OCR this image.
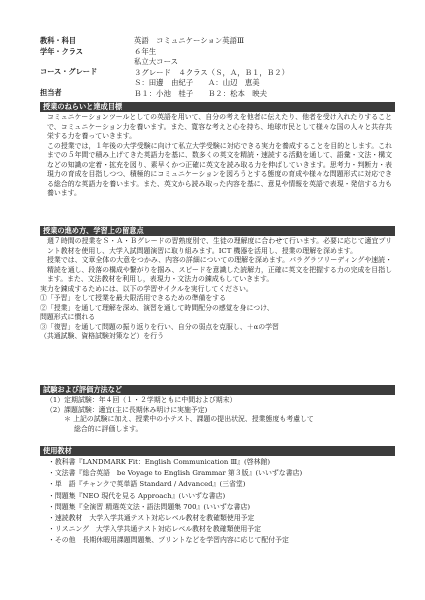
教科・科目	英語　コミュニケーション英語Ⅲ
学年・クラス	６年生
コース・グレード
私立大コース
３グレード　４クラス（Ｓ，Ａ，Ｂ１，Ｂ２）
担当者
Ｓ：田邊　由紀子　　Ａ：山辺　恵美
Ｂ１：小池　桂子　　Ｂ２：松本　映夫
授業のねらいと達成目標
コミュニケーションツールとしての英語を用いて、自分の考えを他者に伝えたり、他者を受け入れたりすることで、コミュニケーション力を養います。また、寛容な考えと心を持ち、地球市民として様々な国の人々と共存共栄する力を養っていきます。
この授業では，１年後の大学受験に向けて私立大学受験に対応できる実力を養成することを目的とします。これまでの５年間で積み上げてきた英語力を基に、数多くの英文を精読・速読する活動を通して、語彙・文法・構文などの知識の定着・拡充を図り、素早くかつ正確に英文を読み取る力を伸ばしていきます。思考力・判断力・表現力の育成を目指しつつ、積極的にコミュニケーションを図ろうとする態度の育成や様々な問題形式に対応できる総合的な英語力を養います。また、英文から読み取った内容を基に、意見や情報を英語で表現・発信する力も養います。
授業の進め方、学習上の留意点
週７時間の授業をＳ・Ａ・Ｂグレードの習熟度別で、生徒の理解度に合わせて行います。必要に応じて適宜プリント教材を使用し、大学入試問題演習に取り組みます。ICT 機器を活用し、授業の理解を深めます。
授業では、文章全体の大意をつかみ、内容の詳細についての理解を深めます。パラグラフリーディングや速読・精読を通し、段落の構成や繋がりを掴み、スピードを意識した読解力，正確に英文を把握する力の完成を目指します。また、文法教材を利用し，表現力・文法力の錬成もしていきます。
実力を錬成するためには、以下の学習サイクルを実行してください。
①「予習」をして授業を最大限活用できるための準備をする
②「授業」を通して理解を深め、演習を通して時間配分の感覚を身につけ、
問題形式に慣れる
③「復習」を通して問題の振り返りを行い、自分の弱点を克服し、＋αの学習
（共通試験、資格試験対策など）を行う
試験および評価方法など
（1）定期試験：年４回（１・２学期ともに中間および期末）
（2）課題試験：適宜(主に長期休み明けに実施予定)
＊ 上記の試験に加え、授業中の小テスト、課題の提出状況、授業態度も考慮して
総合的に評価します。
使用教材
・教科書『LANDMARK Fit：English Communication Ⅲ』(啓林館)
・文法書『総合英語　be Voyage to English Grammar 第３版』(いいずな書店)
・単　語『チャンクで英単語 Standard / Advanced』(三省堂)
・問題集『NEO 現代を見る Approach』(いいずな書店)
・問題集『全演習 精選英文法・語法問題集 700』(いいずな書店)
・速読教材　大学入学共通テスト対応レベル教材を教確類使用予定
・リスニング　大学入学共通テスト対応レベル教材を教確類使用予定
・その他　長期休暇用課題問題集、プリントなどを学習内容に応じて配付予定
